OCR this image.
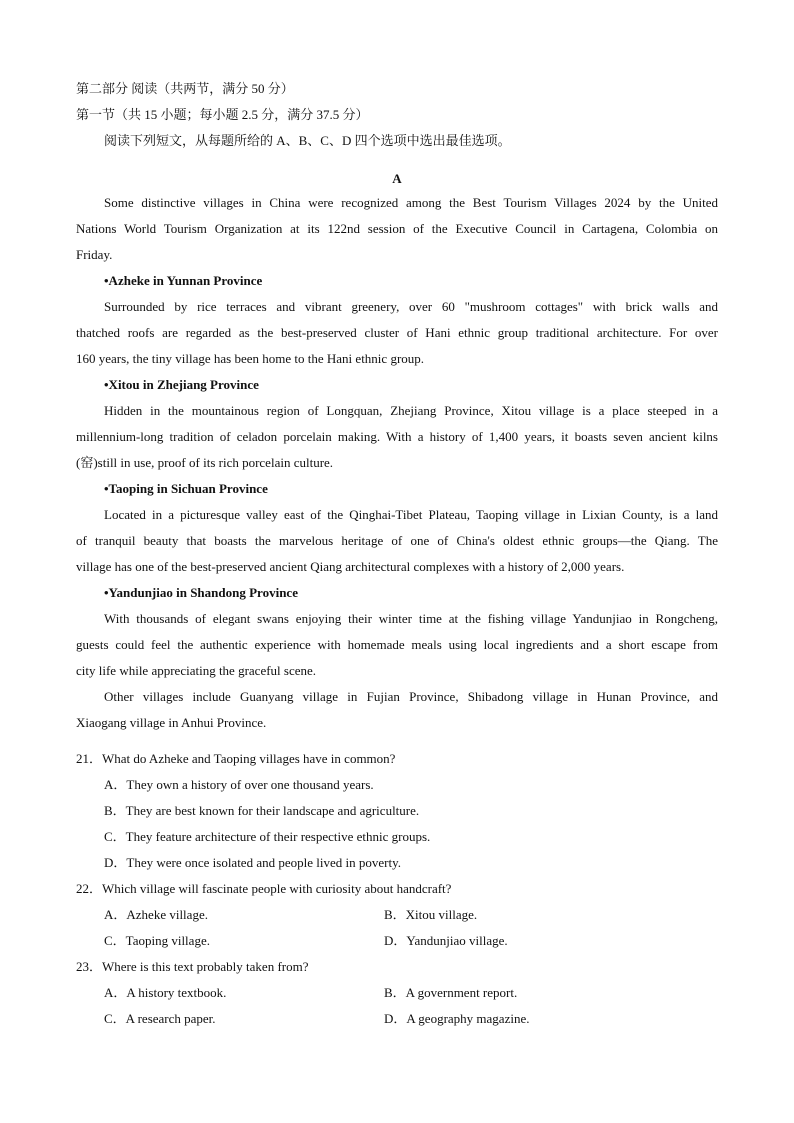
第二部分 阅读（共两节，满分 50 分）
第一节（共 15 小题；每小题 2.5 分，满分 37.5 分）
阅读下列短文，从每题所给的 A、B、C、D 四个选项中选出最佳选项。
A
Some distinctive villages in China were recognized among the Best Tourism Villages 2024 by the United
Nations World Tourism Organization at its 122nd session of the Executive Council in Cartagena, Colombia on
Friday.
•Azheke in Yunnan Province
Surrounded by rice terraces and vibrant greenery, over 60 "mushroom cottages" with brick walls and
thatched roofs are regarded as the best-preserved cluster of Hani ethnic group traditional architecture. For over
160 years, the tiny village has been home to the Hani ethnic group.
•Xitou in Zhejiang Province
Hidden in the mountainous region of Longquan, Zhejiang Province, Xitou village is a place steeped in a
millennium-long tradition of celadon porcelain making. With a history of 1,400 years, it boasts seven ancient kilns
(窑)still in use, proof of its rich porcelain culture.
•Taoping in Sichuan Province
Located in a picturesque valley east of the Qinghai-Tibet Plateau, Taoping village in Lixian County, is a land
of tranquil beauty that boasts the marvelous heritage of one of China's oldest ethnic groups—the Qiang. The
village has one of the best-preserved ancient Qiang architectural complexes with a history of 2,000 years.
•Yandunjiao in Shandong Province
With thousands of elegant swans enjoying their winter time at the fishing village Yandunjiao in Rongcheng,
guests could feel the authentic experience with homemade meals using local ingredients and a short escape from
city life while appreciating the graceful scene.
Other villages include Guanyang village in Fujian Province, Shibadong village in Hunan Province, and
Xiaogang village in Anhui Province.
21．What do Azheke and Taoping villages have in common?
A．They own a history of over one thousand years.
B．They are best known for their landscape and agriculture.
C．They feature architecture of their respective ethnic groups.
D．They were once isolated and people lived in poverty.
22．Which village will fascinate people with curiosity about handcraft?
A．Azheke village.	B．Xitou village.
C．Taoping village.	D．Yandunjiao village.
23．Where is this text probably taken from?
A．A history textbook.	B．A government report.
C．A research paper.	D．A geography magazine.
